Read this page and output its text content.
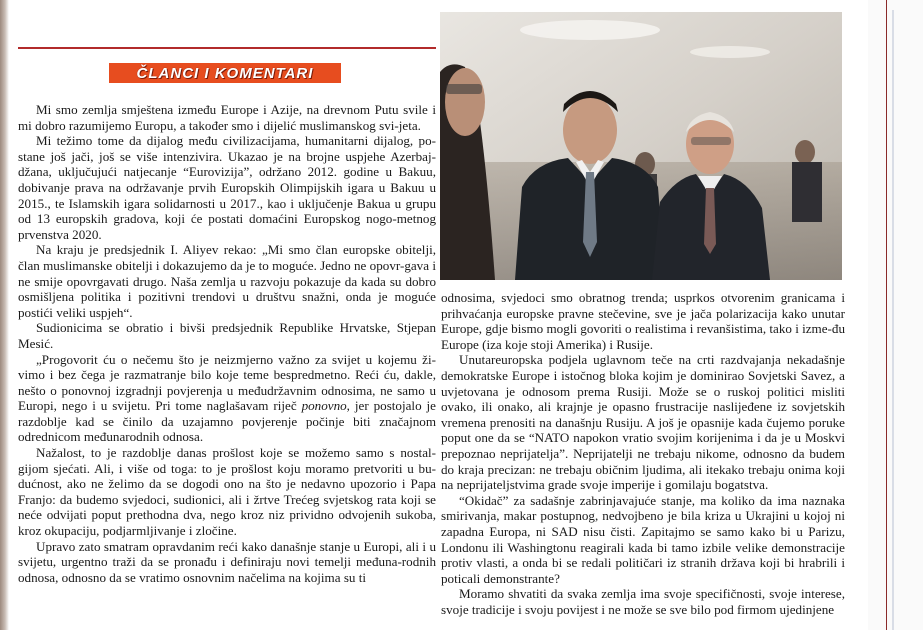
ČLANCI I KOMENTARI

Mi smo zemlja smještena između Europe i Azije, na drevnom Putu svile i mi dobro razumijemo Europu, a također smo i dijelić muslimanskog svi-jeta.

Mi težimo tome da dijalog među civilizacijama, humanitarni dijalog, po-stane još jači, još se više intenzivira. Ukazao je na brojne uspjehe Azerbaj-džana, uključujući natjecanje “Eurovizija”, održano 2012. godine u Bakuu, dobivanje prava na održavanje prvih Europskih Olimpijskih igara u Bakuu u 2015., te Islamskih igara solidarnosti u 2017., kao i uključenje Bakua u grupu od 13 europskih gradova, koji će postati domaćini Europskog nogo-metnog prvenstva 2020.

Na kraju je predsjednik I. Aliyev rekao: „Mi smo član europske obitelji, član muslimanske obitelji i dokazujemo da je to moguće. Jedno ne opovr-gava i ne smije opovrgavati drugo. Naša zemlja u razvoju pokazuje da kada su dobro osmišljena politika i pozitivni trendovi u društvu snažni, onda je moguće postići veliki uspjeh“.

Sudionicima se obratio i bivši predsjednik Republike Hrvatske, Stjepan Mesić.

„Progovorit ću o nečemu što je neizmjerno važno za svijet u kojemu ži-vimo i bez čega je razmatranje bilo koje teme bespredmetno. Reći ću, dakle, nešto o ponovnoj izgradnji povjerenja u međudržavnim odnosima, ne samo u Europi, nego i u svijetu. Pri tome naglašavam riječ ponovno, jer postojalo je razdoblje kad se činilo da uzajamno povjerenje počinje biti značajnom odrednicom međunarodnih odnosa.

Nažalost, to je razdoblje danas prošlost koje se možemo samo s nostal-gijom sjećati. Ali, i više od toga: to je prošlost koju moramo pretvoriti u bu-dućnost, ako ne želimo da se dogodi ono na što je nedavno upozorio i Papa Franjo: da budemo svjedoci, sudionici, ali i žrtve Trećeg svjetskog rata koji se neće odvijati poput prethodna dva, nego kroz niz prividno odvojenih sukoba, kroz okupaciju, podjarmljivanje i zločine.

Upravo zato smatram opravdanim reći kako današnje stanje u Europi, ali i u svijetu, urgentno traži da se pronađu i definiraju novi temelji međuna-rodnih odnosa, odnosno da se vratimo osnovnim načelima na kojima su ti

odnosima, svjedoci smo obratnog trenda; usprkos otvorenim granicama i prihvaćanja europske pravne stečevine, sve je jača polarizacija kako unutar Europe, gdje bismo mogli govoriti o realistima i revanšistima, tako i izme-đu Europe (iza koje stoji Amerika) i Rusije.

Unutareuropska podjela uglavnom teče na crti razdvajanja nekadašnje demokratske Europe i istočnog bloka kojim je dominirao Sovjetski Savez, a uvjetovana je odnosom prema Rusiji. Može se o ruskoj politici misliti ovako, ili onako, ali krajnje je opasno frustracije naslijeđene iz sovjetskih vremena prenositi na današnju Rusiju. A još je opasnije kada čujemo poruke poput one da se “NATO napokon vratio svojim korijenima i da je u Moskvi prepoznao neprijatelja”. Neprijatelji ne trebaju nikome, odnosno da budem do kraja precizan: ne trebaju običnim ljudima, ali itekako trebaju onima koji na neprijateljstvima grade svoje imperije i gomilaju bogatstva.

“Okidač” za sadašnje zabrinjavajuće stanje, ma koliko da ima naznaka smirivanja, makar postupnog, nedvojbeno je bila kriza u Ukrajini u kojoj ni zapadna Europa, ni SAD nisu čisti. Zapitajmo se samo kako bi u Parizu, Londonu ili Washingtonu reagirali kada bi tamo izbile velike demonstracije protiv vlasti, a onda bi se redali političari iz stranih država koji bi hrabrili i poticali demonstrante?

Moramo shvatiti da svaka zemlja ima svoje specifičnosti, svoje interese, svoje tradicije i svoju povijest i ne može se sve bilo pod firmom ujedinjene
